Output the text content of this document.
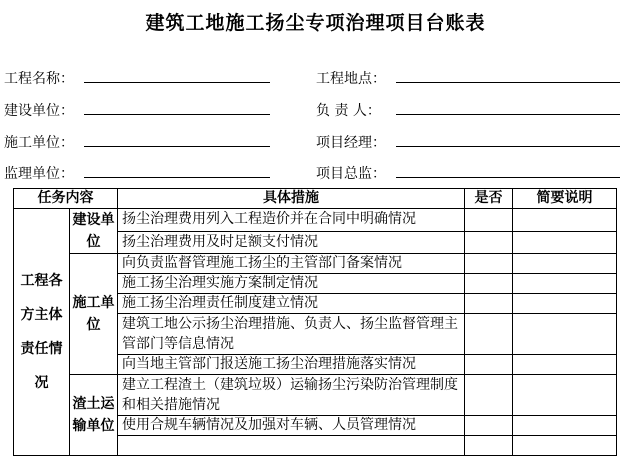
建筑工地施工扬尘专项治理项目台账表
工程名称：	工程地点：
建设单位：	负 责 人：
施工单位：	项目经理：
监理单位：	项目总监：
任务内容		具体措施	是否	简要说明
工程各方主体责任情况	建设单位	扬尘治理费用列入工程造价并在合同中明确情况		
		扬尘治理费用及时足额支付情况		
	施工单位	向负责监督管理施工扬尘的主管部门备案情况		
		施工扬尘治理实施方案制定情况		
		施工扬尘治理责任制度建立情况		
		建筑工地公示扬尘治理措施、负责人、扬尘监督管理主管部门等信息情况		
		向当地主管部门报送施工扬尘治理措施落实情况		
	渣土运输单位	建立工程渣土（建筑垃圾）运输扬尘污染防治管理制度和相关措施情况		
		使用合规车辆情况及加强对车辆、人员管理情况		
